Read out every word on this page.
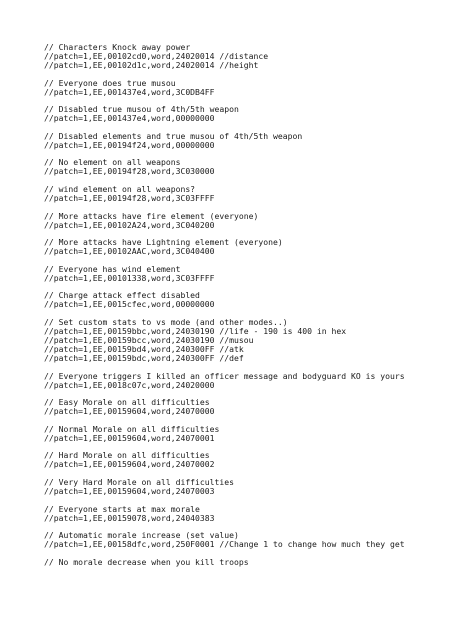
// Characters Knock away power
//patch=1,EE,00102cd0,word,24020014 //distance
//patch=1,EE,00102d1c,word,24020014 //height
// Everyone does true musou
//patch=1,EE,001437e4,word,3C0DB4FF
// Disabled true musou of 4th/5th weapon
//patch=1,EE,001437e4,word,00000000
// Disabled elements and true musou of 4th/5th weapon
//patch=1,EE,00194f24,word,00000000
// No element on all weapons
//patch=1,EE,00194f28,word,3C030000
// wind element on all weapons?
//patch=1,EE,00194f28,word,3C03FFFF
// More attacks have fire element (everyone)
//patch=1,EE,00102A24,word,3C040200
// More attacks have Lightning element (everyone)
//patch=1,EE,00102AAC,word,3C040400
// Everyone has wind element
//patch=1,EE,00101338,word,3C03FFFF
// Charge attack effect disabled
//patch=1,EE,0015cfec,word,00000000
// Set custom stats to vs mode (and other modes..)
//patch=1,EE,00159bbc,word,24030190 //life - 190 is 400 in hex
//patch=1,EE,00159bcc,word,24030190 //musou
//patch=1,EE,00159bd4,word,240300FF //atk
//patch=1,EE,00159bdc,word,240300FF //def
// Everyone triggers I killed an officer message and bodyguard KO is yours
//patch=1,EE,0018c07c,word,24020000
// Easy Morale on all difficulties
//patch=1,EE,00159604,word,24070000
// Normal Morale on all difficulties
//patch=1,EE,00159604,word,24070001
// Hard Morale on all difficulties
//patch=1,EE,00159604,word,24070002
// Very Hard Morale on all difficulties
//patch=1,EE,00159604,word,24070003
// Everyone starts at max morale
//patch=1,EE,00159078,word,24040383
// Automatic morale increase (set value)
//patch=1,EE,00158dfc,word,250F0001 //Change 1 to change how much they get
// No morale decrease when you kill troops
